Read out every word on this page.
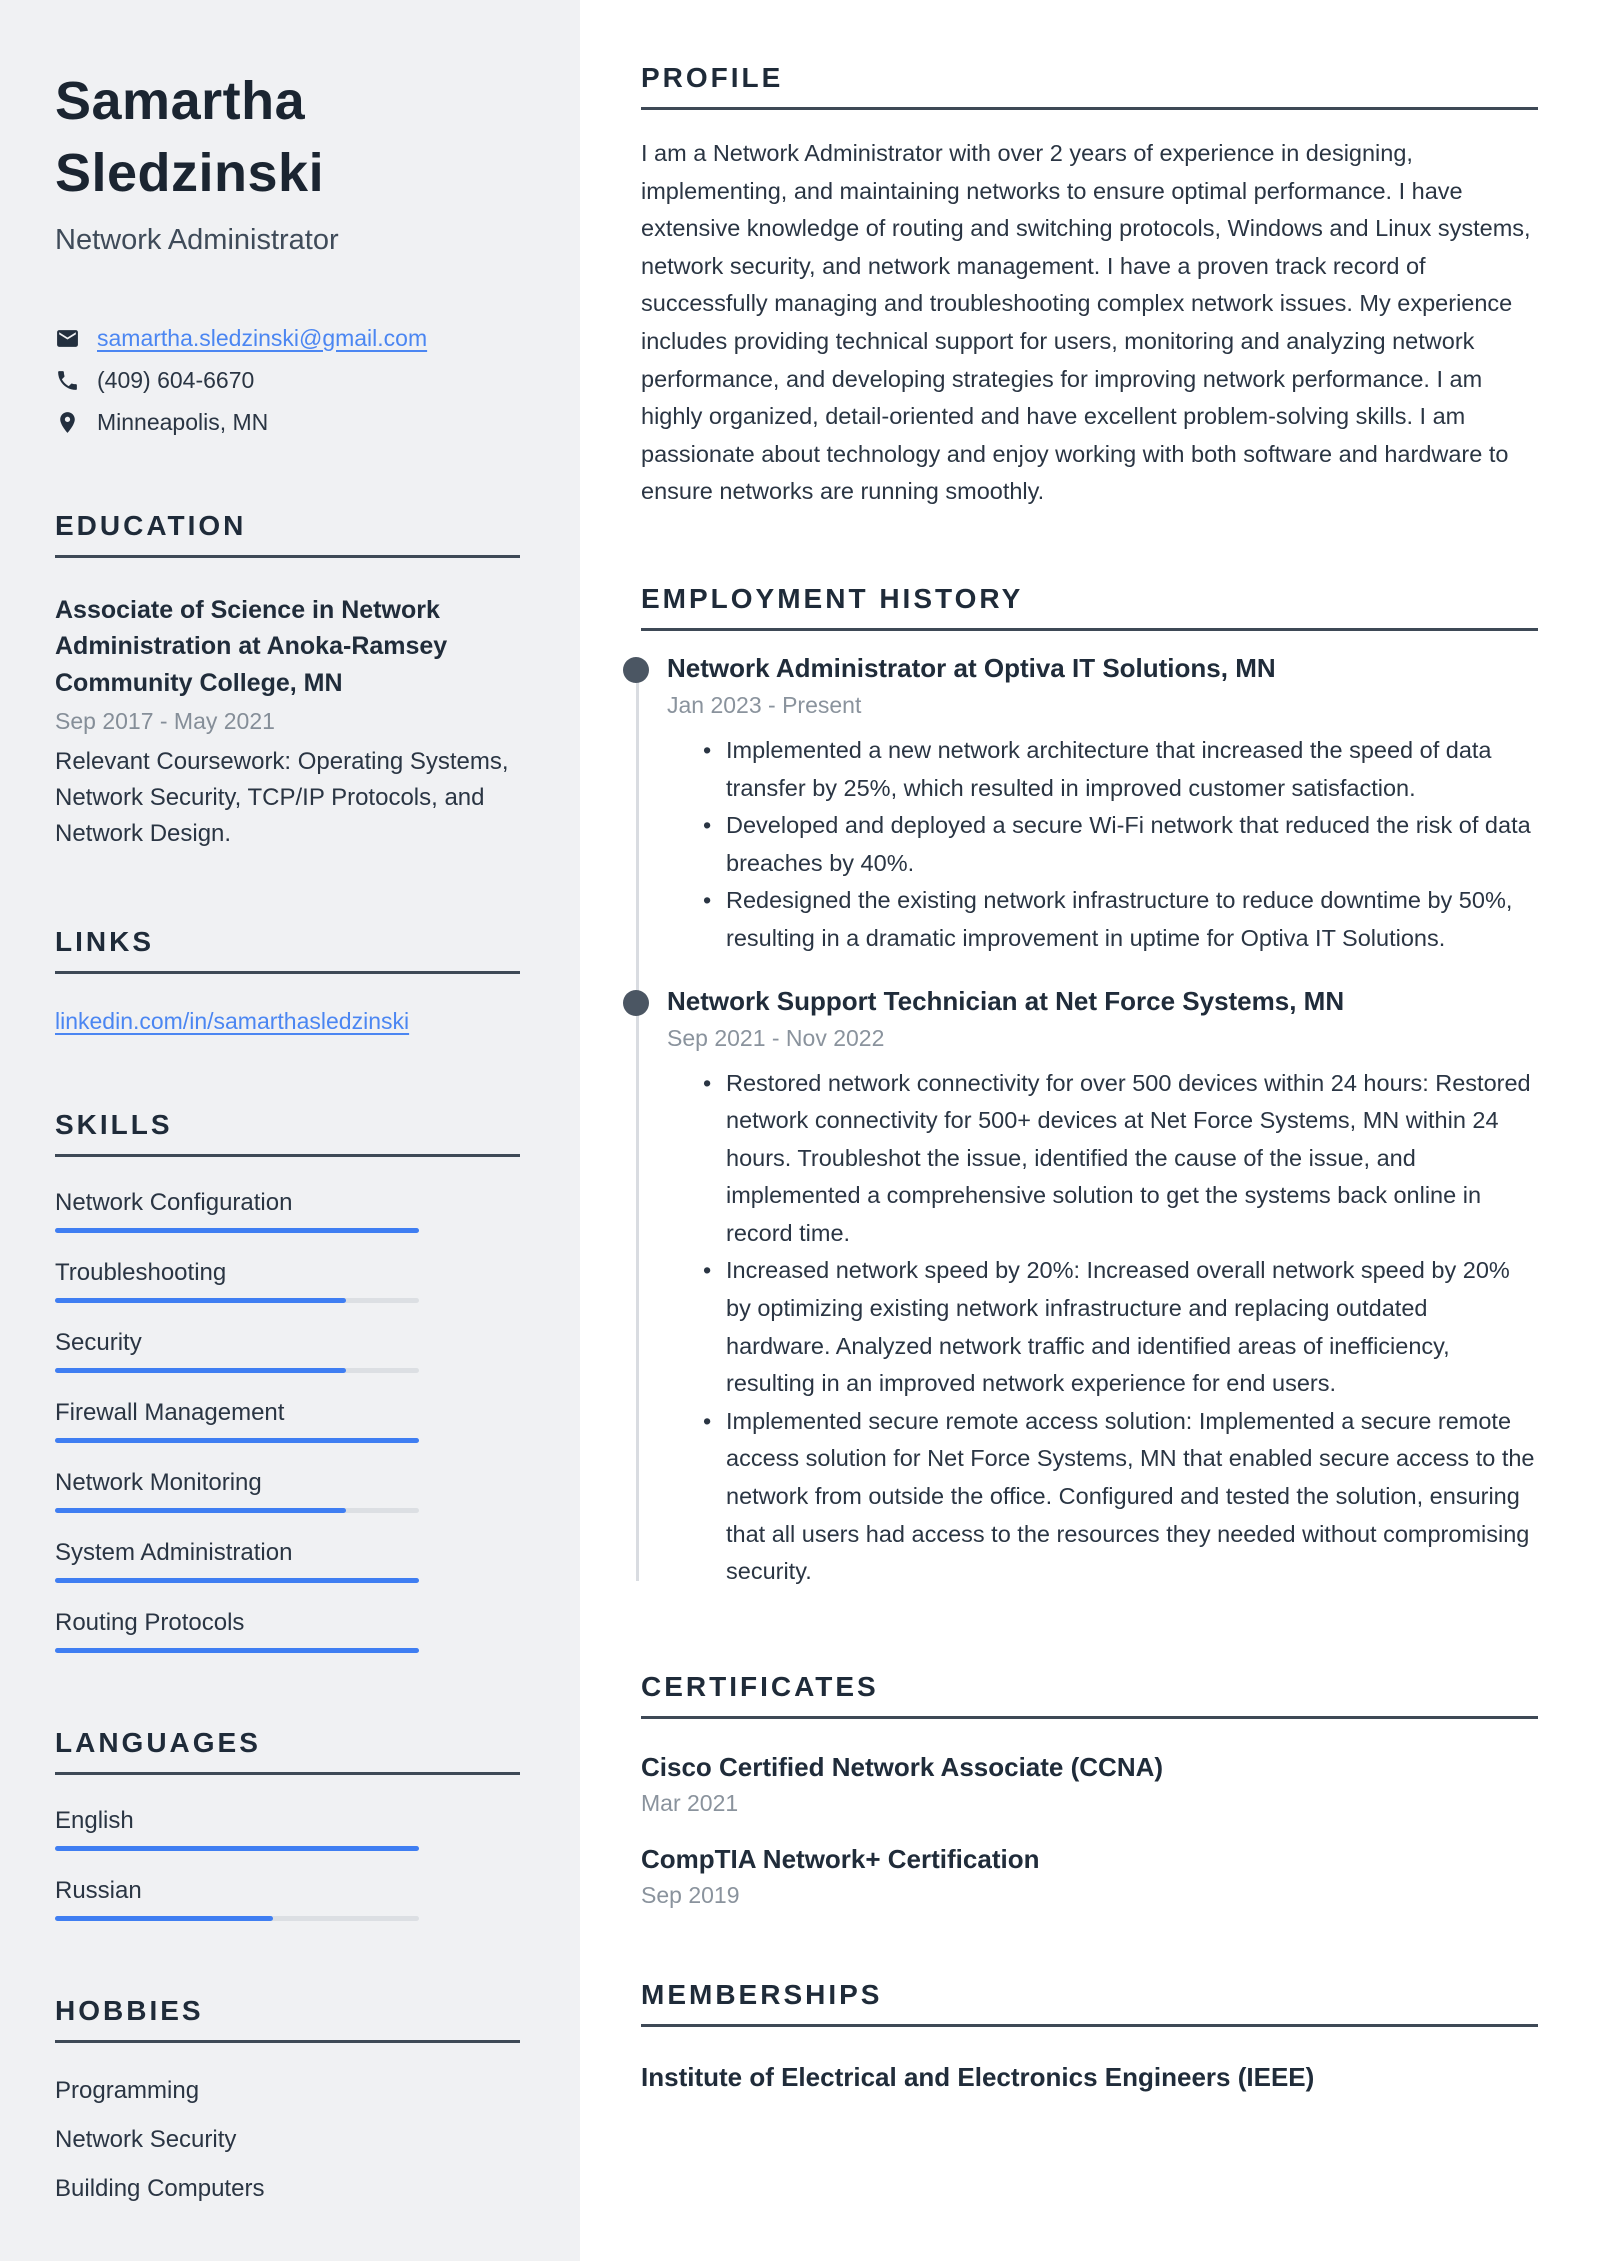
Samartha Sledzinski
Network Administrator
samartha.sledzinski@gmail.com
(409) 604-6670
Minneapolis, MN
EDUCATION
Associate of Science in Network Administration at Anoka-Ramsey Community College, MN
Sep 2017 - May 2021
Relevant Coursework: Operating Systems, Network Security, TCP/IP Protocols, and Network Design.
LINKS
linkedin.com/in/samarthasledzinski
SKILLS
Network Configuration
Troubleshooting
Security
Firewall Management
Network Monitoring
System Administration
Routing Protocols
LANGUAGES
English
Russian
HOBBIES
Programming
Network Security
Building Computers
PROFILE

I am a Network Administrator with over 2 years of experience in designing, implementing, and maintaining networks to ensure optimal performance. I have extensive knowledge of routing and switching protocols, Windows and Linux systems, network security, and network management. I have a proven track record of successfully managing and troubleshooting complex network issues. My experience includes providing technical support for users, monitoring and analyzing network performance, and developing strategies for improving network performance. I am highly organized, detail-oriented and have excellent problem-solving skills. I am passionate about technology and enjoy working with both software and hardware to ensure networks are running smoothly.

EMPLOYMENT HISTORY
Network Administrator at Optiva IT Solutions, MN
Jan 2023 - Present
• Implemented a new network architecture that increased the speed of data transfer by 25%, which resulted in improved customer satisfaction.
• Developed and deployed a secure Wi-Fi network that reduced the risk of data breaches by 40%.
• Redesigned the existing network infrastructure to reduce downtime by 50%, resulting in a dramatic improvement in uptime for Optiva IT Solutions.
Network Support Technician at Net Force Systems, MN
Sep 2021 - Nov 2022
• Restored network connectivity for over 500 devices within 24 hours: Restored network connectivity for 500+ devices at Net Force Systems, MN within 24 hours. Troubleshot the issue, identified the cause of the issue, and implemented a comprehensive solution to get the systems back online in record time.
• Increased network speed by 20%: Increased overall network speed by 20% by optimizing existing network infrastructure and replacing outdated hardware. Analyzed network traffic and identified areas of inefficiency, resulting in an improved network experience for end users.
• Implemented secure remote access solution: Implemented a secure remote access solution for Net Force Systems, MN that enabled secure access to the network from outside the office. Configured and tested the solution, ensuring that all users had access to the resources they needed without compromising security.
CERTIFICATES
Cisco Certified Network Associate (CCNA)
Mar 2021
CompTIA Network+ Certification
Sep 2019
MEMBERSHIPS
Institute of Electrical and Electronics Engineers (IEEE)
